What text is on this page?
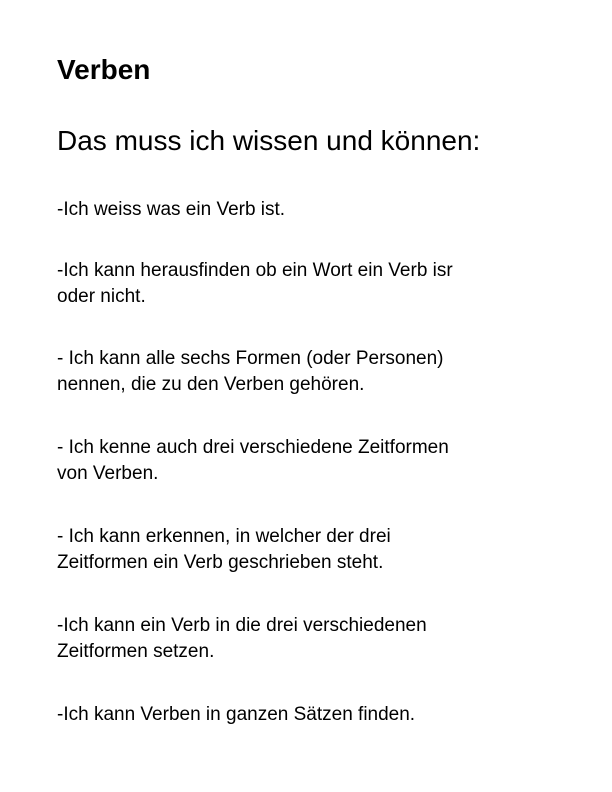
Verben
Das muss ich wissen und können:
-Ich weiss was ein Verb ist.
-Ich kann herausfinden ob ein Wort ein Verb isr
oder nicht.
- Ich kann alle sechs Formen (oder Personen)
nennen, die zu den Verben gehören.
- Ich kenne auch drei verschiedene Zeitformen
von Verben.
- Ich kann erkennen, in welcher der drei
Zeitformen ein Verb geschrieben steht.
-Ich kann ein Verb in die drei verschiedenen
Zeitformen setzen.
-Ich kann Verben in ganzen Sätzen finden.
